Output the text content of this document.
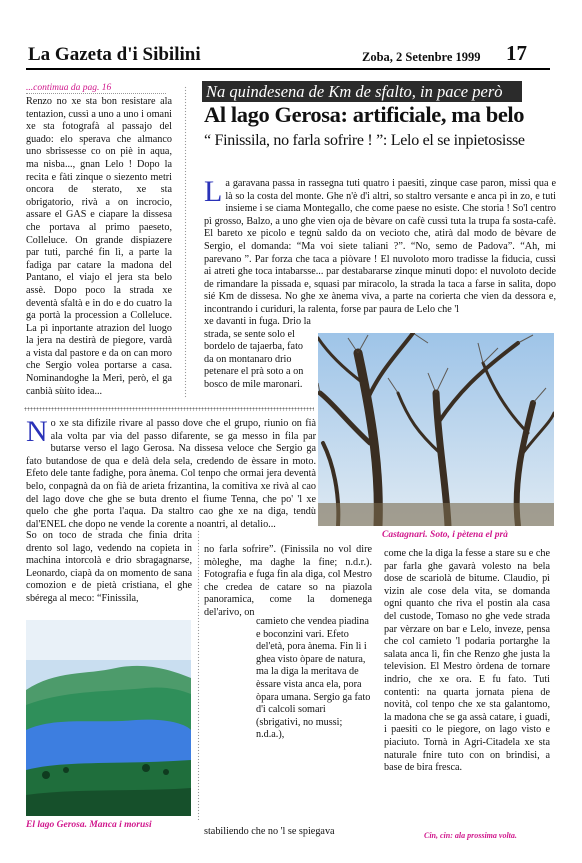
La Gazeta d'i Sibilini	Zoba, 2 Setenbre 1999 17
...contimua da pag. 16
Renzo no xe sta bon resistare ala tentazion, cussì a uno a uno i omani xe sta fotografà al passajo del guado: elo sperava che almanco uno sbrissesse co on piè in aqua, ma nisba..., gnan Lelo ! Dopo la recita e fàti zinque o siezento metri oncora de sterato, xe sta obrigatorio, rivà a on incrocio, assare el GAS e ciapare la dissesa che portava al primo paeseto, Colleluce. On grande dispiazere par tuti, parché fin lì, a parte la fadiga par catare la madona del Pantano, el viajo el jera sta belo assè. Dopo poco la strada xe deventà sfaltà e in do e do cuatro la ga portà la procession a Colleluce. La pì inportante atrazion del luogo la jera na destirà de piegore, vardà a vista dal pastore e da on can moro che Sergio volea portarse a casa. Nominandoghe la Merì, però, el ga canbià sùito idea...
Na quindesena de Km de sfalto, in pace però
Al lago Gerosa: artificiale, ma belo
“ Finissila, no farla sofrire ! ”: Lelo el se inpietosisse
L a garavana passa in rassegna tuti quatro i paesiti, zinque case paron, missi qua e là so la costa del monte. Ghe n'è d'i altri, so staltro versante e anca pì in zo, e tuti insieme i se ciama Montegallo, che come paese no esiste. Che storia ! So'l centro pì grosso, Balzo, a uno ghe vien oja de bèvare on cafè cussì tuta la trupa fa sosta-cafè. El bareto xe picolo e tegnù saldo da on vecioto che, atirà dal modo de bèvare de Sergio, el domanda: “Ma voi siete taliani ?”. “No, semo de Padova”. “Ah, mi parevano ”. Par forza che taca a piòvare ! El nuvoloto moro tradisse la fiducia, cussì ai atreti ghe toca intabarsse... par destabararse zinque minuti dopo: el nuvoloto decide de rimandare la pissada e, squasi par miracolo, la strada la taca a farse in salita, dopo sié Km de dissesa. No ghe xe ànema viva, a parte na corierta che vien da dessora e, incontrando i curiduri, la ralenta, forse par paura de Lelo che 'l
xe davanti in fuga. Drio la strada, se sente solo el bordelo de tajaerba, fato da on montanaro drio petenare el prà soto a on bosco de mile maronari.
Castagnari. Soto, i pètena el prà
N o xe sta difizile rivare al passo dove che el grupo, riunio on fià ala volta par via del passo difarente, se ga messo in fila par butarse verso el lago Gerosa. Na dissesa veloce che Sergio ga fato butandose de qua e delà dela sela, credendo de èssare in moto. Efeto dele tante fadighe, pora ànema. Col tenpo che ormai jera deventà belo, conpagnà da on fià de arieta frizantina, la comitiva xe rivà al cao del lago dove che ghe se buta drento el fiume Tenna, che po' 'l xe quelo che ghe porta l'aqua. Da staltro cao ghe xe na diga, tendù dal'ENEL che dopo ne vende la corente a noantri, al detalio...
So on toco de strada che finia drita drento sol lago, vedendo na copieta in machina intorcolà e drio sbragagnarse, Leonardo, ciapà da on momento de sana comozion e de pietà cristiana, el ghe sbérega al meco: “Finissila,
El lago Gerosa. Manca i morusi
no farla sofrire”. (Finissila no vol dire mòleghe, ma daghe la fine; n.d.r.). Fotografia e fuga fin ala diga, col Mestro che credea de catare so na piazola panoramica, come la domenega del'arivo, on
camieto che vendea piadina e boconzini vari. Efeto del'età, pora ànema. Fin lì i ghea visto òpare de natura, ma la diga la meritava de èssare vista anca ela, pora òpara umana. Sergio ga fato d'i calcoli somari (sbrigativi, no mussi; n.d.a.),
stabiliendo che no 'l se spiegava
come che la diga la fesse a stare su e che par farla ghe gavarà volesto na bela dose de scariolà de bitume. Claudio, pì vizin ale cose dela vita, se domanda ogni quanto che riva el postin ala casa del custode, Tomaso no ghe vede strada par vèrzare on bar e Lelo, inveze, pensa che col camieto 'l podaria portarghe la salata anca lì, fin che Renzo ghe justa la television. El Mestro òrdena de tornare indrio, che xe ora. E fu fato. Tuti contenti: na quarta jornata piena de novità, col tenpo che xe sta galantomo, la madona che se ga assà catare, i guadi, i paesiti co le piegore, on lago visto e piaciuto. Tornà in Agri-Citadela xe sta naturale fnire tuto con on brindisi, a base de bira fresca.
Cin, cin: ala prossima volta.
